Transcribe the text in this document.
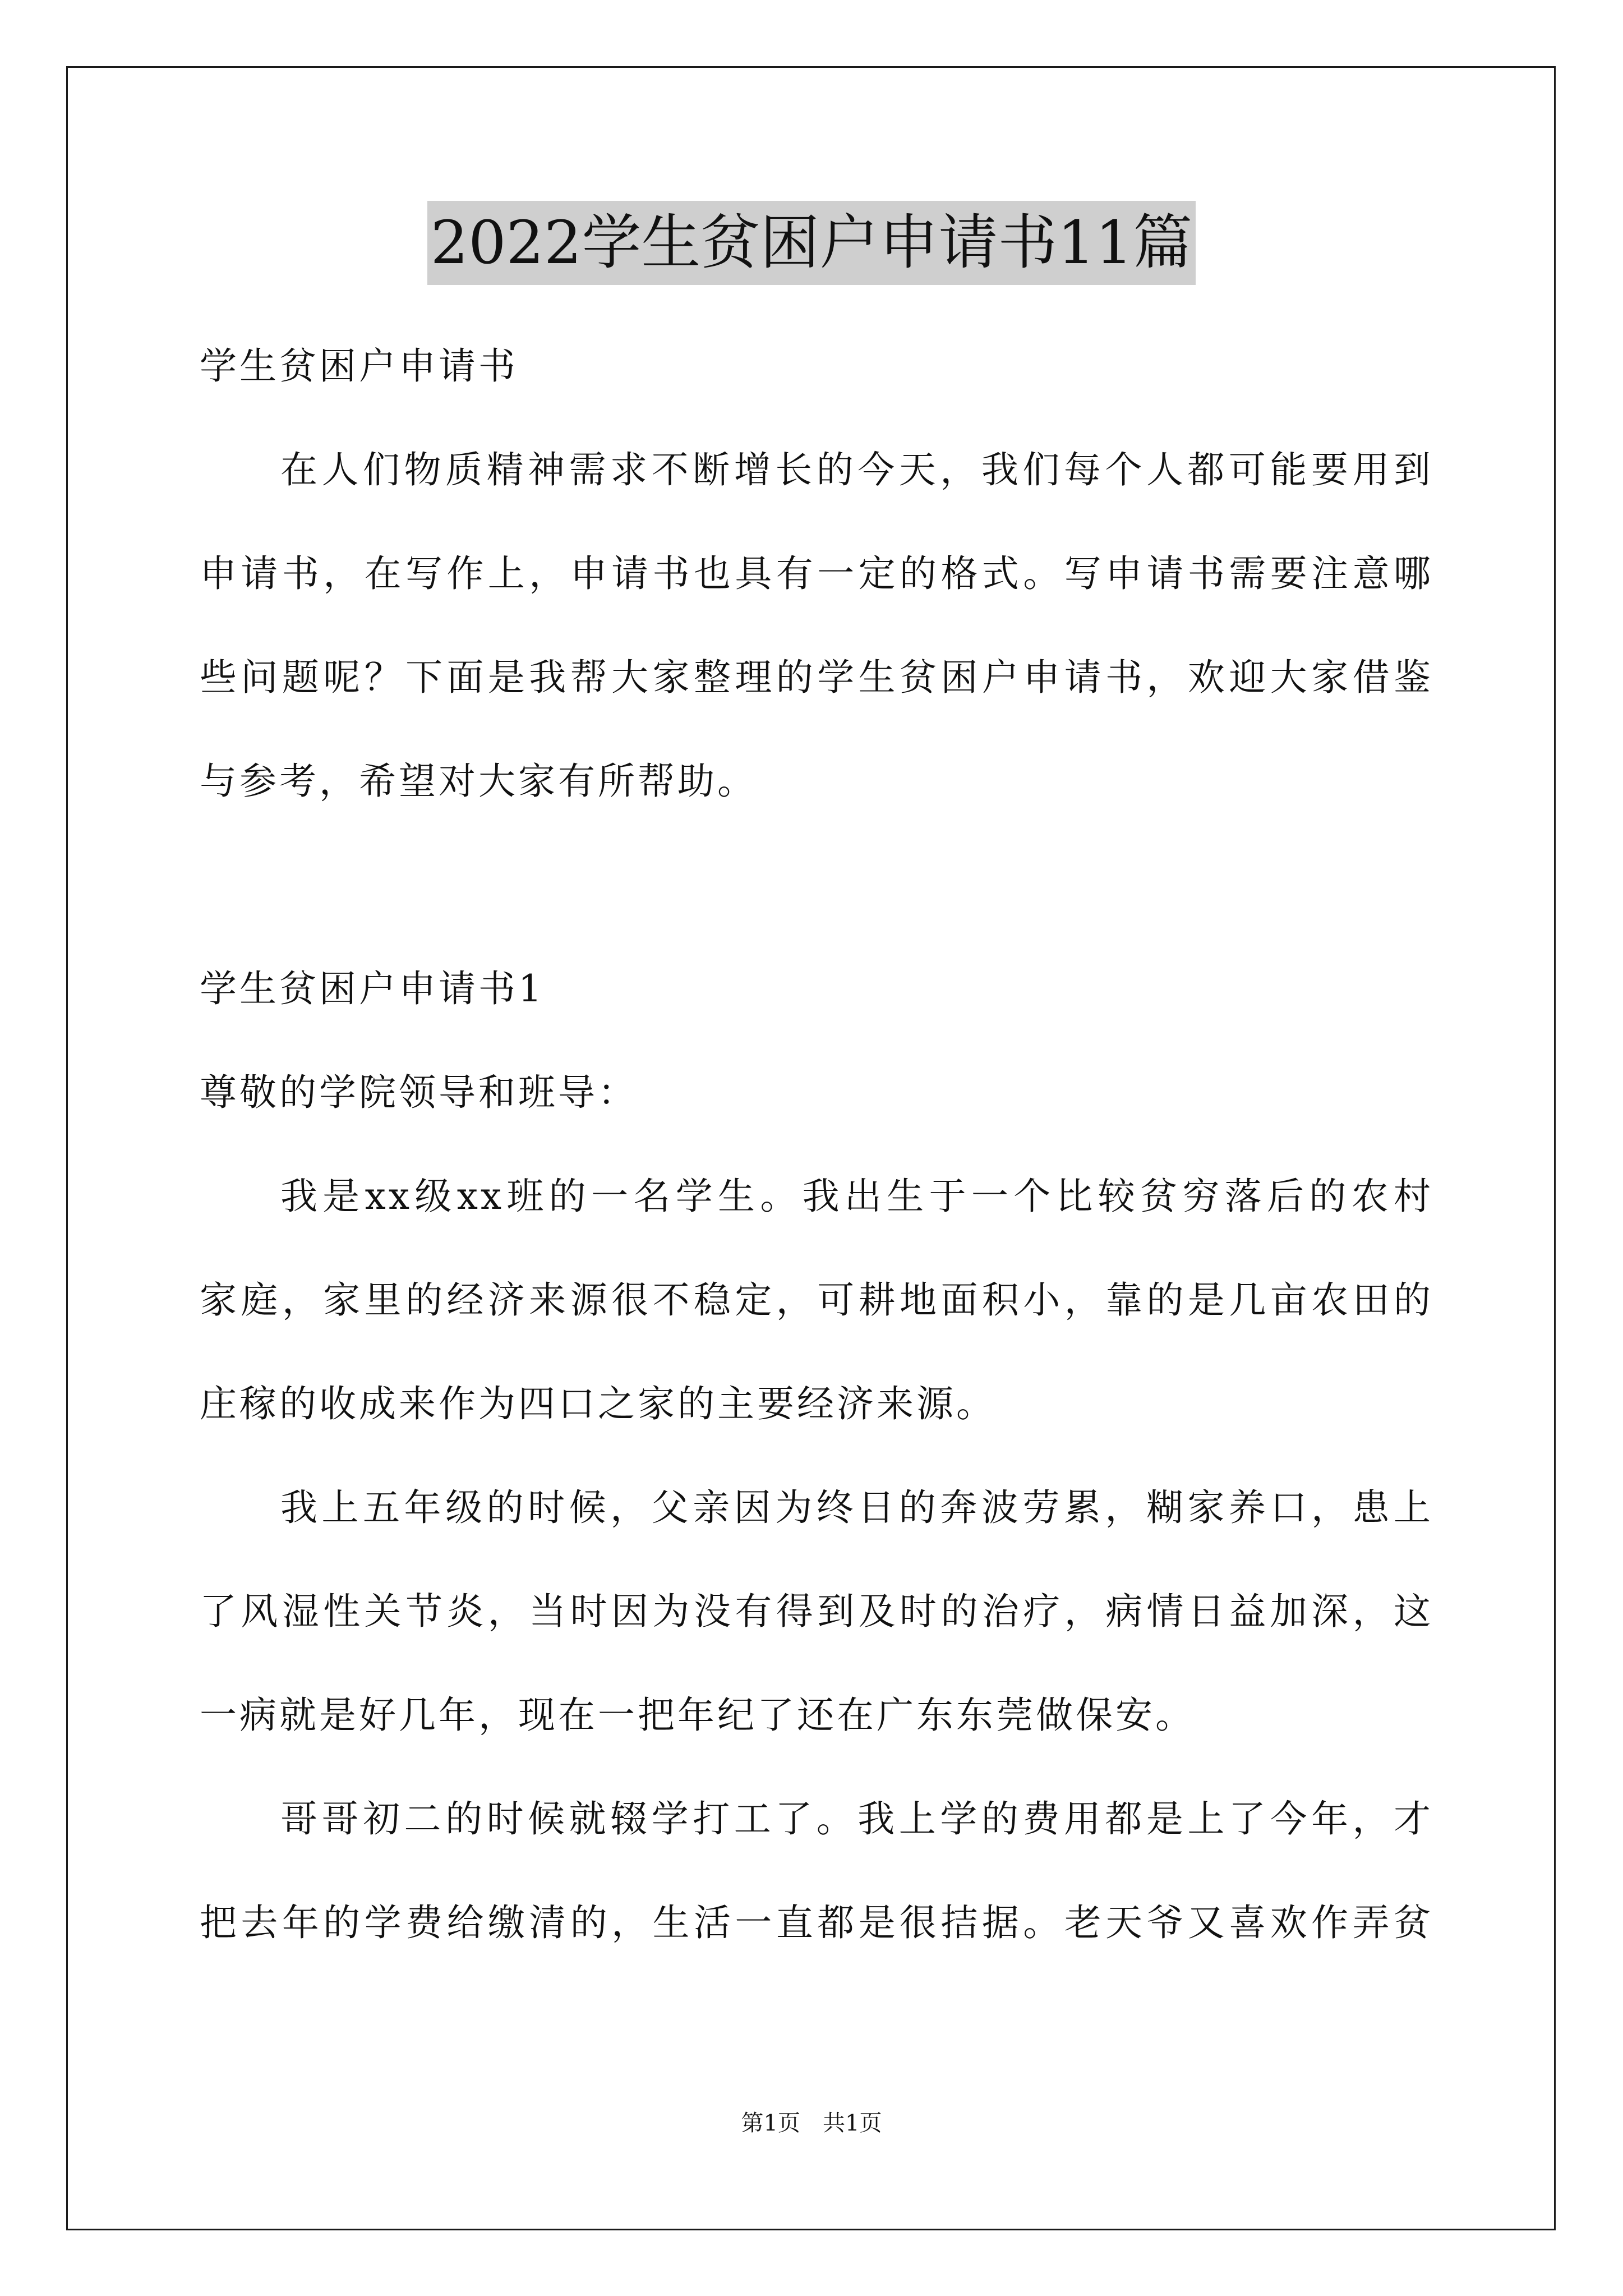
2022学生贫困户申请书11篇
学生贫困户申请书
在人们物质精神需求不断增长的今天，我们每个人都可能要用到
申请书，在写作上，申请书也具有一定的格式。写申请书需要注意哪
些问题呢？下面是我帮大家整理的学生贫困户申请书，欢迎大家借鉴
与参考，希望对大家有所帮助。
学生贫困户申请书1
尊敬的学院领导和班导：
我是xx级xx班的一名学生。我出生于一个比较贫穷落后的农村
家庭，家里的经济来源很不稳定，可耕地面积小，靠的是几亩农田的
庄稼的收成来作为四口之家的主要经济来源。
我上五年级的时候，父亲因为终日的奔波劳累，糊家养口，患上
了风湿性关节炎，当时因为没有得到及时的治疗，病情日益加深，这
一病就是好几年，现在一把年纪了还在广东东莞做保安。
哥哥初二的时候就辍学打工了。我上学的费用都是上了今年，才
把去年的学费给缴清的，生活一直都是很拮据。老天爷又喜欢作弄贫
第1页　共1页
